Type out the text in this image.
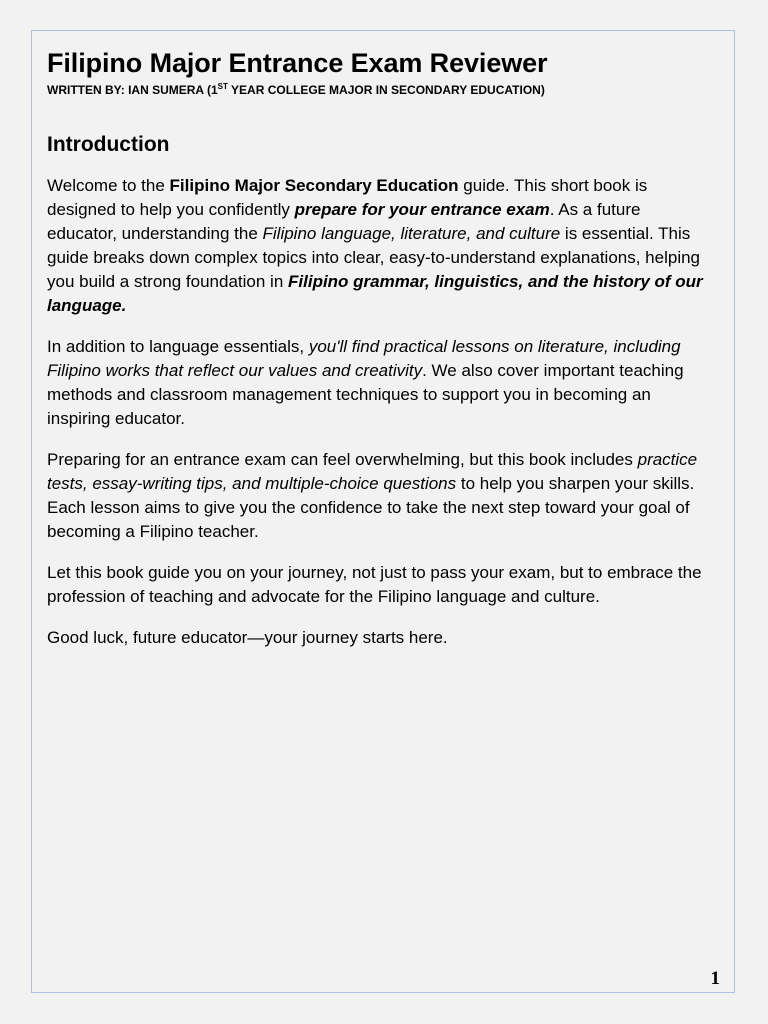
Filipino Major Entrance Exam Reviewer

WRITTEN BY: IAN SUMERA (1ST YEAR COLLEGE MAJOR IN SECONDARY EDUCATION)

Introduction

Welcome to the Filipino Major Secondary Education guide. This short book is designed to help you confidently prepare for your entrance exam. As a future educator, understanding the Filipino language, literature, and culture is essential. This guide breaks down complex topics into clear, easy-to-understand explanations, helping you build a strong foundation in Filipino grammar, linguistics, and the history of our language.

In addition to language essentials, you'll find practical lessons on literature, including Filipino works that reflect our values and creativity. We also cover important teaching methods and classroom management techniques to support you in becoming an inspiring educator.

Preparing for an entrance exam can feel overwhelming, but this book includes practice tests, essay-writing tips, and multiple-choice questions to help you sharpen your skills. Each lesson aims to give you the confidence to take the next step toward your goal of becoming a Filipino teacher.

Let this book guide you on your journey, not just to pass your exam, but to embrace the profession of teaching and advocate for the Filipino language and culture.

Good luck, future educator—your journey starts here.

1
